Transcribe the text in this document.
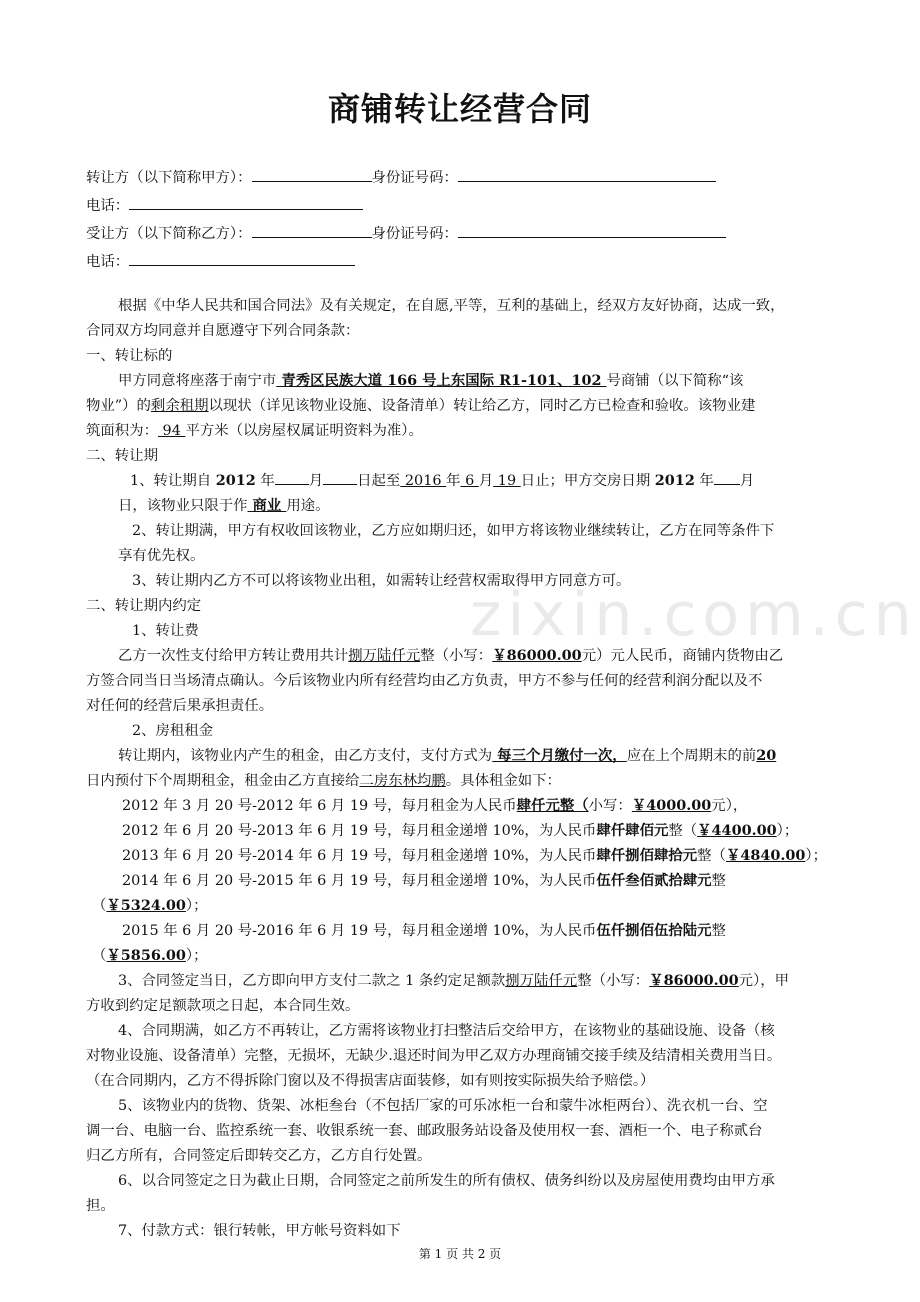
zixin.com.cn
商铺转让经营合同
转让方（以下简称甲方）：	身份证号码：
电话：
受让方（以下简称乙方）：	身份证号码：
电话：
根据《中华人民共和国合同法》及有关规定，在自愿,平等，互利的基础上，经双方友好协商，达成一致，
合同双方均同意并自愿遵守下列合同条款：
一、转让标的
甲方同意将座落于南宁市 青秀区民族大道 166 号上东国际 R1-101、102 号商铺（以下简称“该
物业”）的剩余租期以现状（详见该物业设施、设备清单）转让给乙方，同时乙方已检查和验收。该物业建
筑面积为： 94 平方米（以房屋权属证明资料为准）。
二、转让期
1、转让期自 2012 年 月 日起至 2016 年 6 月 19 日止；甲方交房日期 2012 年 月
日，该物业只限于作 商业 用途。
2、转让期满，甲方有权收回该物业，乙方应如期归还，如甲方将该物业继续转让，乙方在同等条件下
享有优先权。
3、转让期内乙方不可以将该物业出租，如需转让经营权需取得甲方同意方可。
二、转让期内约定
1、转让费
乙方一次性支付给甲方转让费用共计捌万陆仟元整（小写：￥86000.00元）元人民币，商铺内货物由乙
方签合同当日当场清点确认。今后该物业内所有经营均由乙方负责，甲方不参与任何的经营利润分配以及不
对任何的经营后果承担责任。
2、房租租金
转让期内，该物业内产生的租金，由乙方支付，支付方式为 每三个月缴付一次，应在上个周期末的前20
日内预付下个周期租金，租金由乙方直接给二房东林均鹏。具体租金如下：
2012 年 3 月 20 号-2012 年 6 月 19 号，每月租金为人民币肆仟元整（小写：￥4000.00元），
2012 年 6 月 20 号-2013 年 6 月 19 号，每月租金递增 10%，为人民币肆仟肆佰元整（￥4400.00）；
2013 年 6 月 20 号-2014 年 6 月 19 号，每月租金递增 10%，为人民币肆仟捌佰肆拾元整（￥4840.00）；
2014 年 6 月 20 号-2015 年 6 月 19 号，每月租金递增 10%，为人民币伍仟叁佰贰拾肆元整
（￥5324.00）；
2015 年 6 月 20 号-2016 年 6 月 19 号，每月租金递增 10%，为人民币伍仟捌佰伍拾陆元整
（￥5856.00）；
3、合同签定当日，乙方即向甲方支付二款之 1 条约定足额款捌万陆仟元整（小写：￥86000.00元），甲
方收到约定足额款项之日起，本合同生效。
4、合同期满，如乙方不再转让，乙方需将该物业打扫整洁后交给甲方，在该物业的基础设施、设备（核
对物业设施、设备清单）完整，无损坏，无缺少.退还时间为甲乙双方办理商铺交接手续及结清相关费用当日。
（在合同期内，乙方不得拆除门窗以及不得损害店面装修，如有则按实际损失给予赔偿。）
5、该物业内的货物、货架、冰柜叁台（不包括厂家的可乐冰柜一台和蒙牛冰柜两台）、洗衣机一台、空
调一台、电脑一台、监控系统一套、收银系统一套、邮政服务站设备及使用权一套、酒柜一个、电子称贰台
归乙方所有，合同签定后即转交乙方，乙方自行处置。
6、以合同签定之日为截止日期，合同签定之前所发生的所有债权、债务纠纷以及房屋使用费均由甲方承
担。
7、付款方式：银行转帐，甲方帐号资料如下
第 1 页 共 2 页
